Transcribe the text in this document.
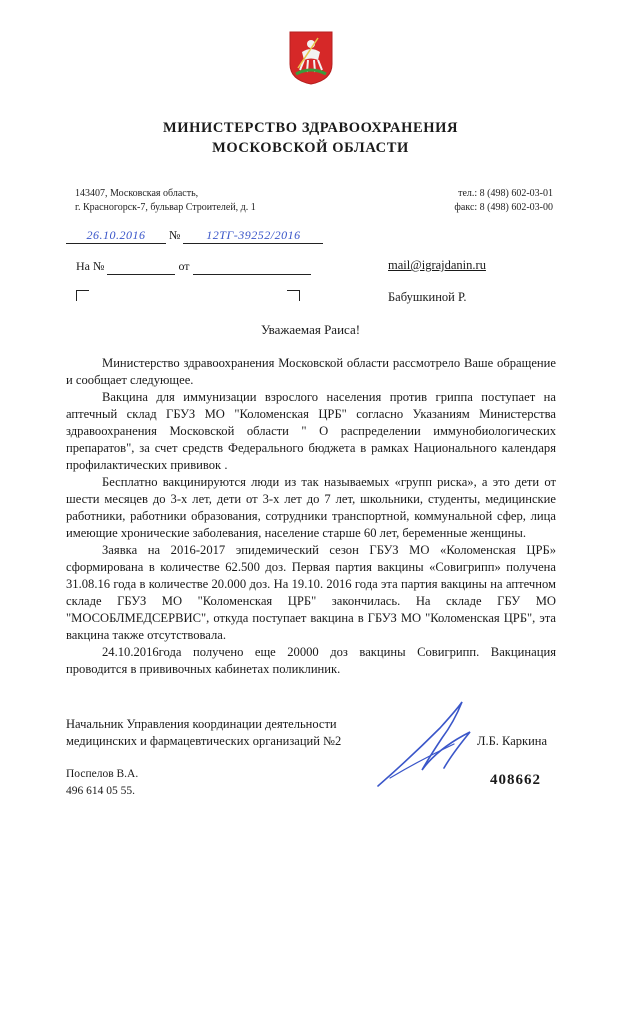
МИНИСТЕРСТВО ЗДРАВООХРАНЕНИЯ
МОСКОВСКОЙ ОБЛАСТИ
143407, Московская область,
г. Красногорск-7, бульвар Строителей, д. 1
тел.: 8 (498) 602-03-01
факс: 8 (498) 602-03-00
26.10.2016 № 12ТГ-39252/2016
На №	от	mail@igrajdanin.ru
Бабушкиной Р.
Уважаемая Раиса!

Министерство здравоохранения Московской области рассмотрело Ваше обращение и сообщает следующее.

Вакцина для иммунизации взрослого населения против гриппа поступает на аптечный склад ГБУЗ МО "Коломенская ЦРБ" согласно Указаниям Министерства здравоохранения Московской области " О распределении иммунобиологических препаратов", за счет средств Федерального бюджета в рамках Национального календаря профилактических прививок .

Бесплатно вакцинируются люди из так называемых «групп риска», а это дети от шести месяцев до 3-х лет, дети от 3-х лет до 7 лет, школьники, студенты, медицинские работники, работники образования, сотрудники транспортной, коммунальной сфер, лица имеющие хронические заболевания, население старше 60 лет, беременные женщины.

Заявка на 2016-2017 эпидемический сезон ГБУЗ МО «Коломенская ЦРБ» сформирована в количестве 62.500 доз. Первая партия вакцины «Совигрипп» получена 31.08.16 года в количестве 20.000 доз. На 19.10. 2016 года эта партия вакцины на аптечном складе ГБУЗ МО "Коломенская ЦРБ" закончилась. На складе ГБУ МО "МОСОБЛМЕДСЕРВИС", откуда поступает вакцина в ГБУЗ МО "Коломенская ЦРБ", эта вакцина также отсутствовала.

24.10.2016года получено еще 20000 доз вакцины Совигрипп. Вакцинация проводится в прививочных кабинетах поликлиник.

Начальник Управления координации деятельности
медицинских и фармацевтических организаций №2	Л.Б. Каркина
Поспелов В.А.
496 614 05 55.
408662
